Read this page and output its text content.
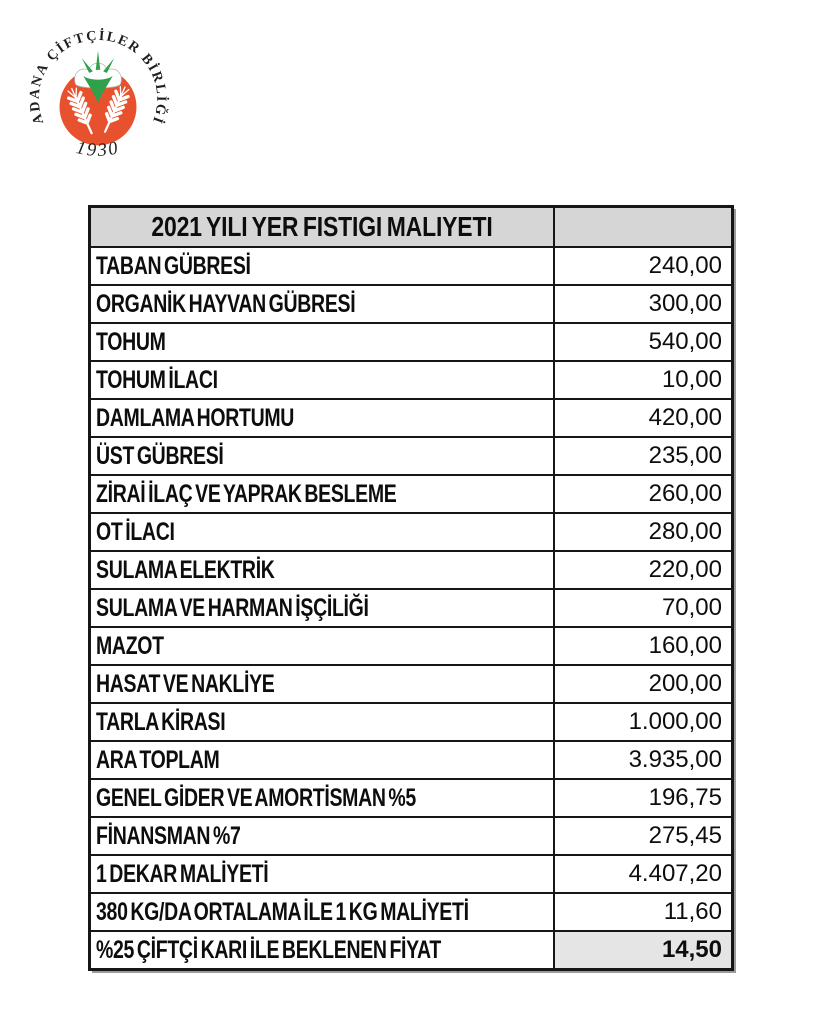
ADANA ÇİFTÇİLER BİRLİĞİ
1930
2021 YILI YER FISTIGI MALIYETI	
TABAN GÜBRESİ	240,00
ORGANİK HAYVAN GÜBRESİ	300,00
TOHUM	540,00
TOHUM İLACI	10,00
DAMLAMA HORTUMU	420,00
ÜST GÜBRESİ	235,00
ZİRAİ İLAÇ VE YAPRAK BESLEME	260,00
OT İLACI	280,00
SULAMA ELEKTRİK	220,00
SULAMA VE HARMAN İŞÇİLİĞİ	70,00
MAZOT	160,00
HASAT VE NAKLİYE	200,00
TARLA KİRASI	1.000,00
ARA TOPLAM	3.935,00
GENEL GİDER VE AMORTİSMAN %5	196,75
FİNANSMAN %7	275,45
1 DEKAR MALİYETİ	4.407,20
380 KG/DA ORTALAMA İLE 1 KG MALİYETİ	11,60
%25 ÇİFTÇİ KARI İLE BEKLENEN FİYAT	14,50
